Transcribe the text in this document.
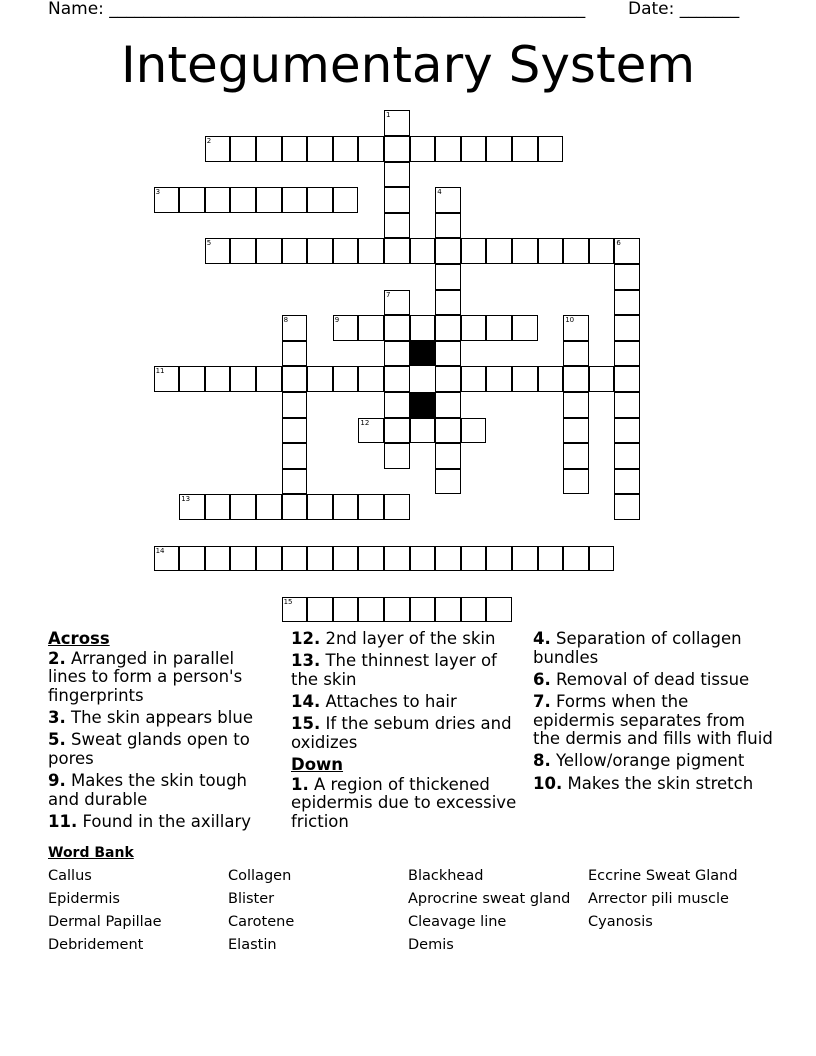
Name: ________________________________________________________	Date: _______
Integumentary System
1
2
3	4
5	6
7
8	9	10
11
12
13
14
15
Across
2. Arranged in parallel lines to form a person's fingerprints
3. The skin appears blue
5. Sweat glands open to pores
9. Makes the skin tough and durable
11. Found in the axillary
12. 2nd layer of the skin
13. The thinnest layer of the skin
14. Attaches to hair
15. If the sebum dries and oxidizes
Down
1. A region of thickened epidermis due to excessive friction
4. Separation of collagen bundles
6. Removal of dead tissue
7. Forms when the epidermis separates from the dermis and fills with fluid
8. Yellow/orange pigment
10. Makes the skin stretch
Word Bank
Callus	Collagen	Blackhead	Eccrine Sweat Gland
Epidermis	Blister	Aprocrine sweat gland	Arrector pili muscle
Dermal Papillae	Carotene	Cleavage line	Cyanosis
Debridement	Elastin	Demis
